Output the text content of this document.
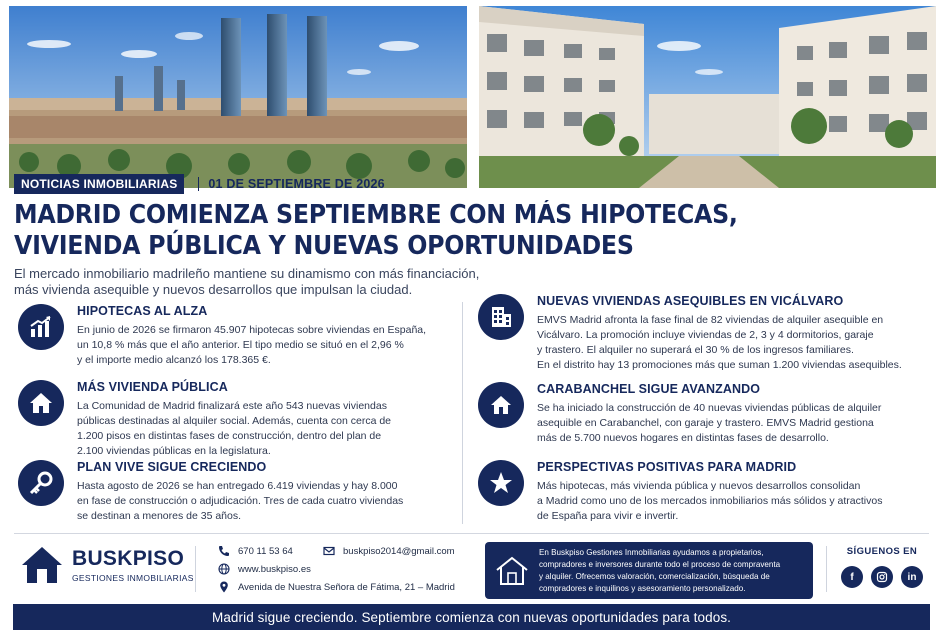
NOTICIAS INMOBILIARIAS	01 DE SEPTIEMBRE DE 2026
MADRID COMIENZA SEPTIEMBRE CON MÁS HIPOTECAS,
VIVIENDA PÚBLICA Y NUEVAS OPORTUNIDADES
El mercado inmobiliario madrileño mantiene su dinamismo con más financiación,
más vivienda asequible y nuevos desarrollos que impulsan la ciudad.
HIPOTECAS AL ALZA
En junio de 2026 se firmaron 45.907 hipotecas sobre viviendas en España,
un 10,8 % más que el año anterior. El tipo medio se situó en el 2,96 %
y el importe medio alcanzó los 178.365 €.
MÁS VIVIENDA PÚBLICA
La Comunidad de Madrid finalizará este año 543 nuevas viviendas
públicas destinadas al alquiler social. Además, cuenta con cerca de
1.200 pisos en distintas fases de construcción, dentro del plan de
2.100 viviendas públicas en la legislatura.
PLAN VIVE SIGUE CRECIENDO
Hasta agosto de 2026 se han entregado 6.419 viviendas y hay 8.000
en fase de construcción o adjudicación. Tres de cada cuatro viviendas
se destinan a menores de 35 años.
NUEVAS VIVIENDAS ASEQUIBLES EN VICÁLVARO
EMVS Madrid afronta la fase final de 82 viviendas de alquiler asequible en
Vicálvaro. La promoción incluye viviendas de 2, 3 y 4 dormitorios, garaje
y trastero. El alquiler no superará el 30 % de los ingresos familiares.
En el distrito hay 13 promociones más que suman 1.200 viviendas asequibles.
CARABANCHEL SIGUE AVANZANDO
Se ha iniciado la construcción de 40 nuevas viviendas públicas de alquiler
asequible en Carabanchel, con garaje y trastero. EMVS Madrid gestiona
más de 5.700 nuevos hogares en distintas fases de desarrollo.
PERSPECTIVAS POSITIVAS PARA MADRID
Más hipotecas, más vivienda pública y nuevos desarrollos consolidan
a Madrid como uno de los mercados inmobiliarios más sólidos y atractivos
de España para vivir e invertir.
BUSKPISO
GESTIONES INMOBILIARIAS
670 11 53 64	buskpiso2014@gmail.com
www.buskpiso.es
Avenida de Nuestra Señora de Fátima, 21 – Madrid
En Buskpiso Gestiones Inmobiliarias ayudamos a propietarios,
compradores e inversores durante todo el proceso de compraventa
y alquiler. Ofrecemos valoración, comercialización, búsqueda de
compradores e inquilinos y asesoramiento personalizado.
SÍGUENOS EN
f	in
Madrid sigue creciendo. Septiembre comienza con nuevas oportunidades para todos.
